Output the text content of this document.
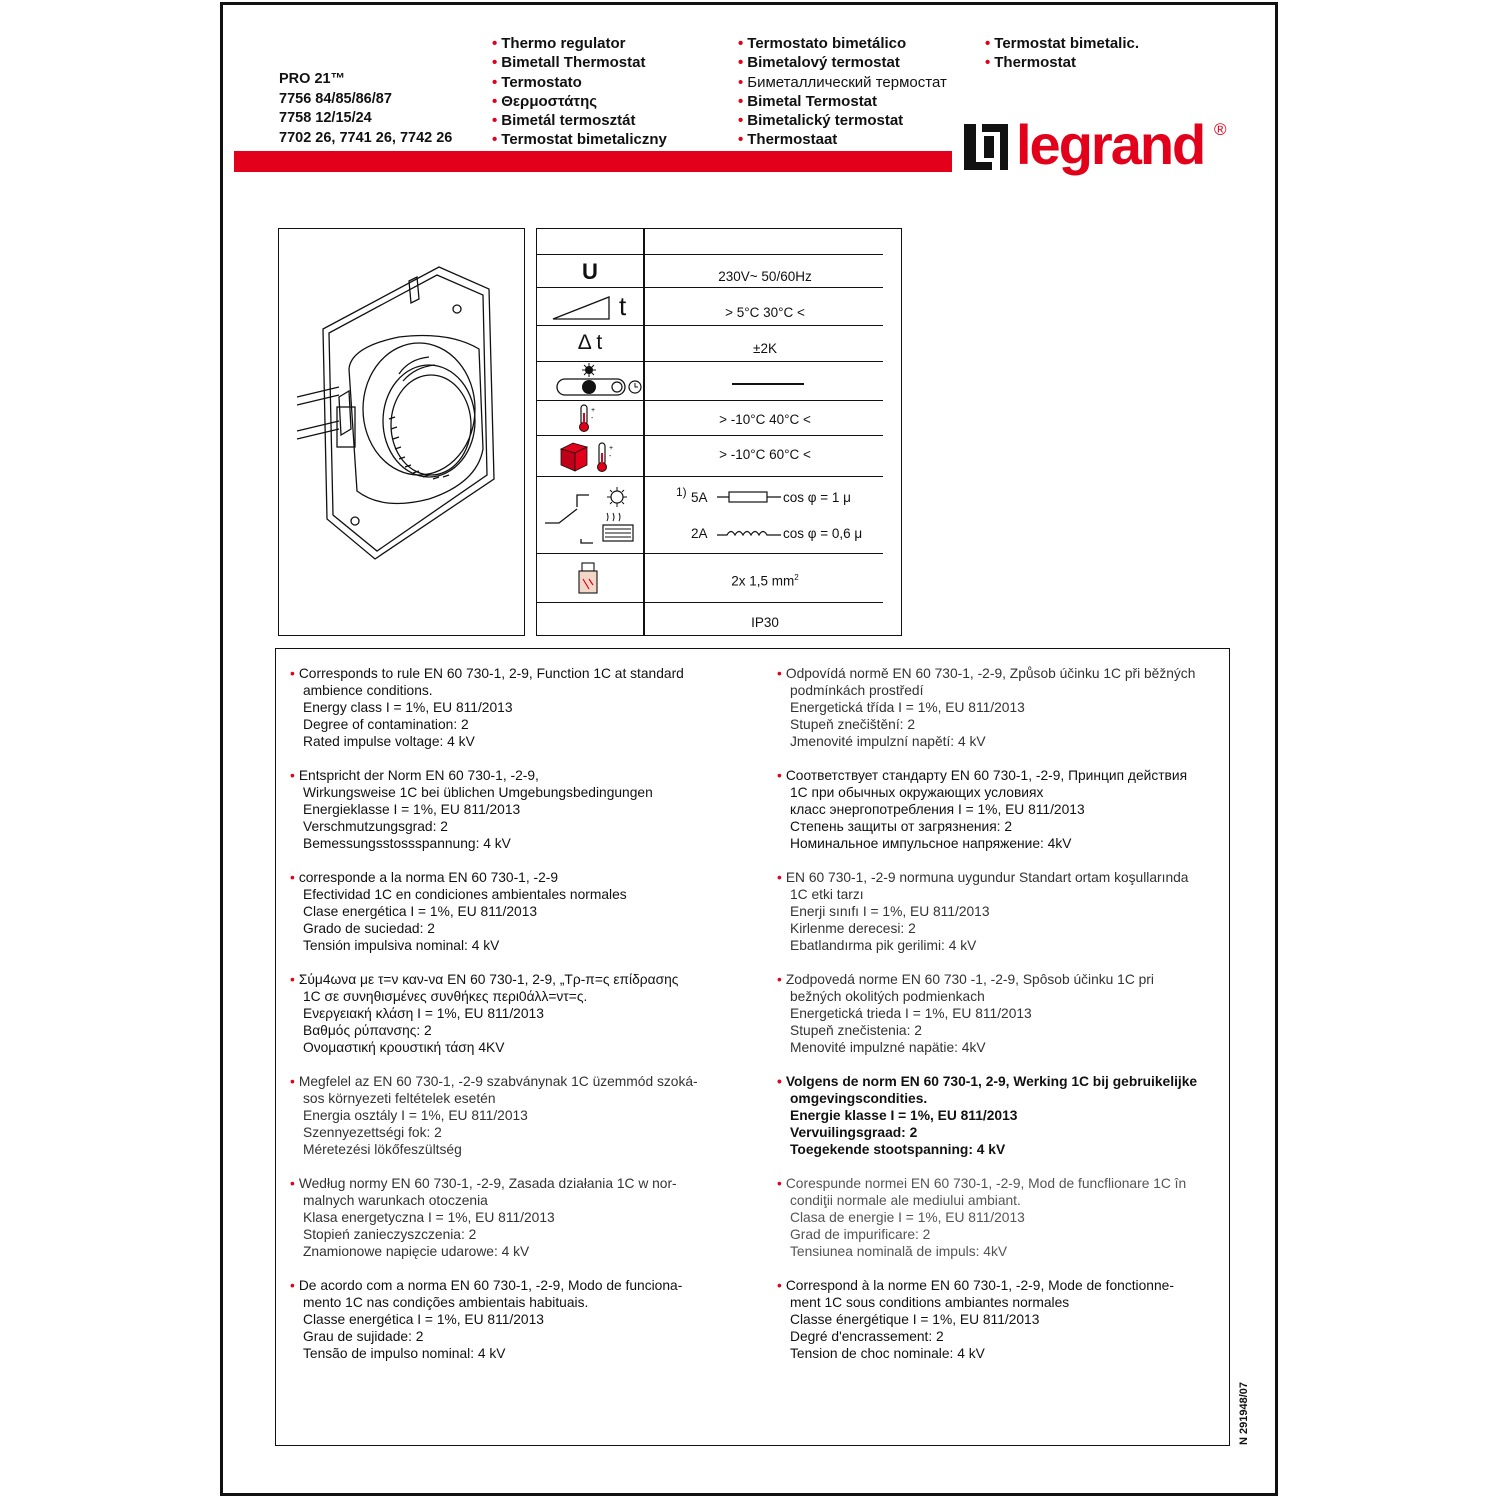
PRO 21™
7756 84/85/86/87
7758 12/15/24
7702 26, 7741 26, 7742 26
• Thermo regulator
• Bimetall Thermostat
• Termostato
• Θερμοστάτης
• Bimetál termosztát
• Termostat bimetaliczny
• Termostato bimetálico
• Bimetalový termostat
• Биметаллический термостат
• Bimetal Termostat
• Bimetalický termostat
• Thermostaat
• Termostat bimetalic.
• Thermostat
legrand ®
U	230V~ 50/60Hz
t	> 5°C 30°C <
Δ t	±2K
+
-	> -10°C 40°C <
+
-	> -10°C 60°C <
1) 5A	cos φ = 1 μ
2A	cos φ = 0,6 μ
2x 1,5 $mm^2$
IP30
• Corresponds to rule EN 60 730-1, 2-9, Function 1C at standard
ambience conditions.
Energy class I = 1%, EU 811/2013
Degree of contamination: 2
Rated impulse voltage: 4 kV
• Entspricht der Norm EN 60 730-1, -2-9,
Wirkungsweise 1C bei üblichen Umgebungsbedingungen
Energieklasse I = 1%, EU 811/2013
Verschmutzungsgrad: 2
Bemessungsstossspannung: 4 kV
• corresponde a la norma EN 60 730-1, -2-9
Efectividad 1C en condiciones ambientales normales
Clase energética I = 1%, EU 811/2013
Grado de suciedad: 2
Tensión impulsiva nominal: 4 kV
• Σύμ4ωνα με τ=ν καν-να EN 60 730-1, 2-9, „Τρ-π=ς επίδρασης
1C σε συνηθισμένες συνθήκες περι0άλλ=ντ=ς.
Ενεργειακή κλάση I = 1%, EU 811/2013
Βαθμός ρύπανσης: 2
Ονομαστική κρουστική τάση 4KV
• Megfelel az EN 60 730-1, -2-9 szabványnak 1C üzemmód szoká-
sos környezeti feltételek esetén
Energia osztály I = 1%, EU 811/2013
Szennyezettségi fok: 2
Méretezési lökőfeszültség
• Według normy EN 60 730-1, -2-9, Zasada działania 1C w nor-
malnych warunkach otoczenia
Klasa energetyczna I = 1%, EU 811/2013
Stopień zanieczyszczenia: 2
Znamionowe napięcie udarowe: 4 kV
• De acordo com a norma EN 60 730-1, -2-9, Modo de funciona-
mento 1C nas condições ambientais habituais.
Classe energética I = 1%, EU 811/2013
Grau de sujidade: 2
Tensão de impulso nominal: 4 kV
• Odpovídá normě EN 60 730-1, -2-9, Způsob účinku 1C při běžných
podmínkách prostředí
Energetická třída I = 1%, EU 811/2013
Stupeň znečištění: 2
Jmenovité impulzní napětí: 4 kV
• Соответствует стандарту EN 60 730-1, -2-9, Принцип действия
1С при обычных окружающих условиях
класс энергопотребления I = 1%, EU 811/2013
Степень защиты от загрязнения: 2
Номинальное импульсное напряжение: 4kV
• EN 60 730-1, -2-9 normuna uygundur Standart ortam koşullarında
1C etki tarzı
Enerji sınıfı I = 1%, EU 811/2013
Kirlenme derecesi: 2
Ebatlandırma pik gerilimi: 4 kV
• Zodpovedá norme EN 60 730 -1, -2-9, Spôsob účinku 1C pri
bežných okolitých podmienkach
Energetická trieda I = 1%, EU 811/2013
Stupeň znečistenia: 2
Menovité impulzné napätie: 4kV
• Volgens de norm EN 60 730-1, 2-9, Werking 1C bij gebruikelijke
omgevingscondities.
Energie klasse I = 1%, EU 811/2013
Vervuilingsgraad: 2
Toegekende stootspanning: 4 kV
• Corespunde normei EN 60 730-1, -2-9, Mod de funcflionare 1C în
condiţii normale ale mediului ambiant.
Clasa de energie I = 1%, EU 811/2013
Grad de impurificare: 2
Tensiunea nominală de impuls: 4kV
• Correspond à la norme EN 60 730-1, -2-9, Mode de fonctionne-
ment 1C sous conditions ambiantes normales
Classe énergétique I = 1%, EU 811/2013
Degré d'encrassement: 2
Tension de choc nominale: 4 kV
N 291948/07
